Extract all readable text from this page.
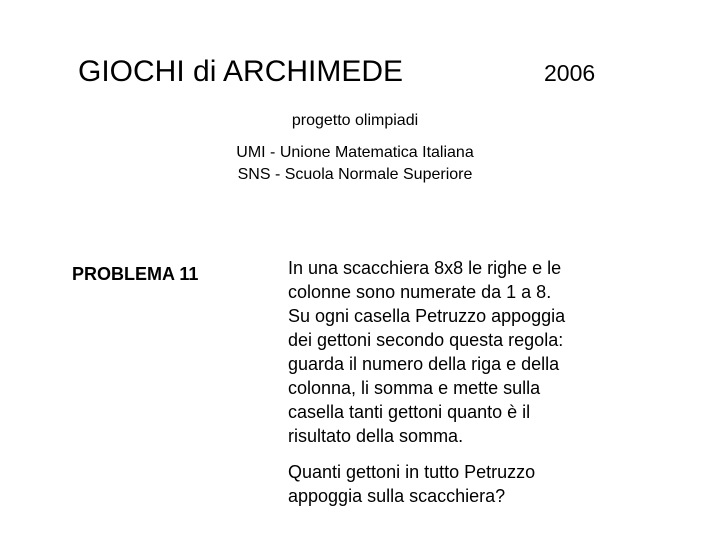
GIOCHI di ARCHIMEDE	2006
progetto olimpiadi
UMI - Unione Matematica Italiana
SNS - Scuola Normale Superiore
PROBLEMA 11	In una scacchiera 8x8 le righe e le
colonne sono numerate da 1 a 8.
Su ogni casella Petruzzo appoggia
dei gettoni secondo questa regola:
guarda il numero della riga e della
colonna, li somma e mette sulla
casella tanti gettoni quanto è il
risultato della somma.

Quanti gettoni in tutto Petruzzo
appoggia sulla scacchiera?
